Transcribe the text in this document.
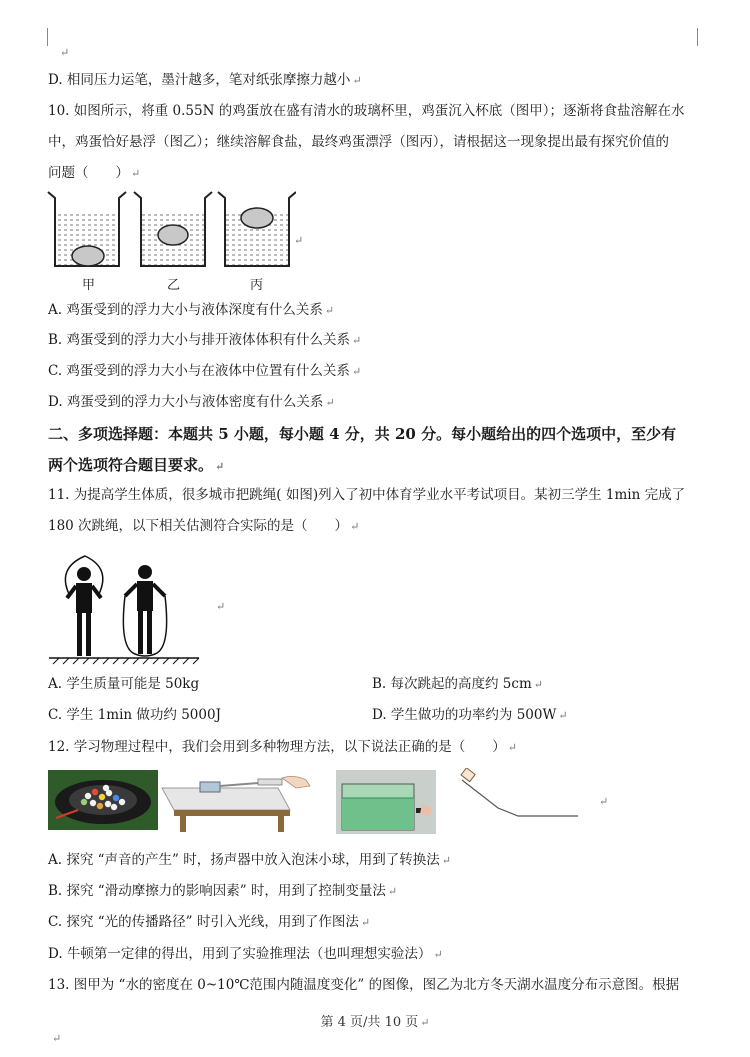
↵
D. 相同压力运笔，墨汁越多，笔对纸张摩擦力越小 ↵
10. 如图所示，将重 0.55N 的鸡蛋放在盛有清水的玻璃杯里，鸡蛋沉入杯底（图甲）；逐渐将食盐溶解在水
中，鸡蛋恰好悬浮（图乙）；继续溶解食盐，最终鸡蛋漂浮（图丙），请根据这一现象提出最有探究价值的
问题（　　） ↵
↵
甲	乙	丙
A. 鸡蛋受到的浮力大小与液体深度有什么关系 ↵
B. 鸡蛋受到的浮力大小与排开液体体积有什么关系 ↵
C. 鸡蛋受到的浮力大小与在液体中位置有什么关系 ↵
D. 鸡蛋受到的浮力大小与液体密度有什么关系 ↵
二、多项选择题：本题共 5 小题，每小题 4 分，共 20 分。每小题给出的四个选项中，至少有
两个选项符合题目要求。 ↵
11. 为提高学生体质，很多城市把跳绳( 如图)列入了初中体育学业水平考试项目。某初三学生 1min 完成了
180 次跳绳，以下相关估测符合实际的是（　　） ↵
↵
A. 学生质量可能是 50kg	B. 每次跳起的高度约 5cm ↵
C. 学生 1min 做功约 5000J	D. 学生做功的功率约为 500W ↵
12. 学习物理过程中，我们会用到多种物理方法，以下说法正确的是（　　） ↵
↵
A. 探究 “声音的产生” 时，扬声器中放入泡沫小球，用到了转换法 ↵
B. 探究 “滑动摩擦力的影响因素” 时，用到了控制变量法 ↵
C. 探究 “光的传播路径” 时引入光线，用到了作图法 ↵
D. 牛顿第一定律的得出，用到了实验推理法（也叫理想实验法） ↵
13. 图甲为 “水的密度在 0~10℃范围内随温度变化” 的图像，图乙为北方冬天湖水温度分布示意图。根据
第 4 页/共 10 页 ↵
↵
